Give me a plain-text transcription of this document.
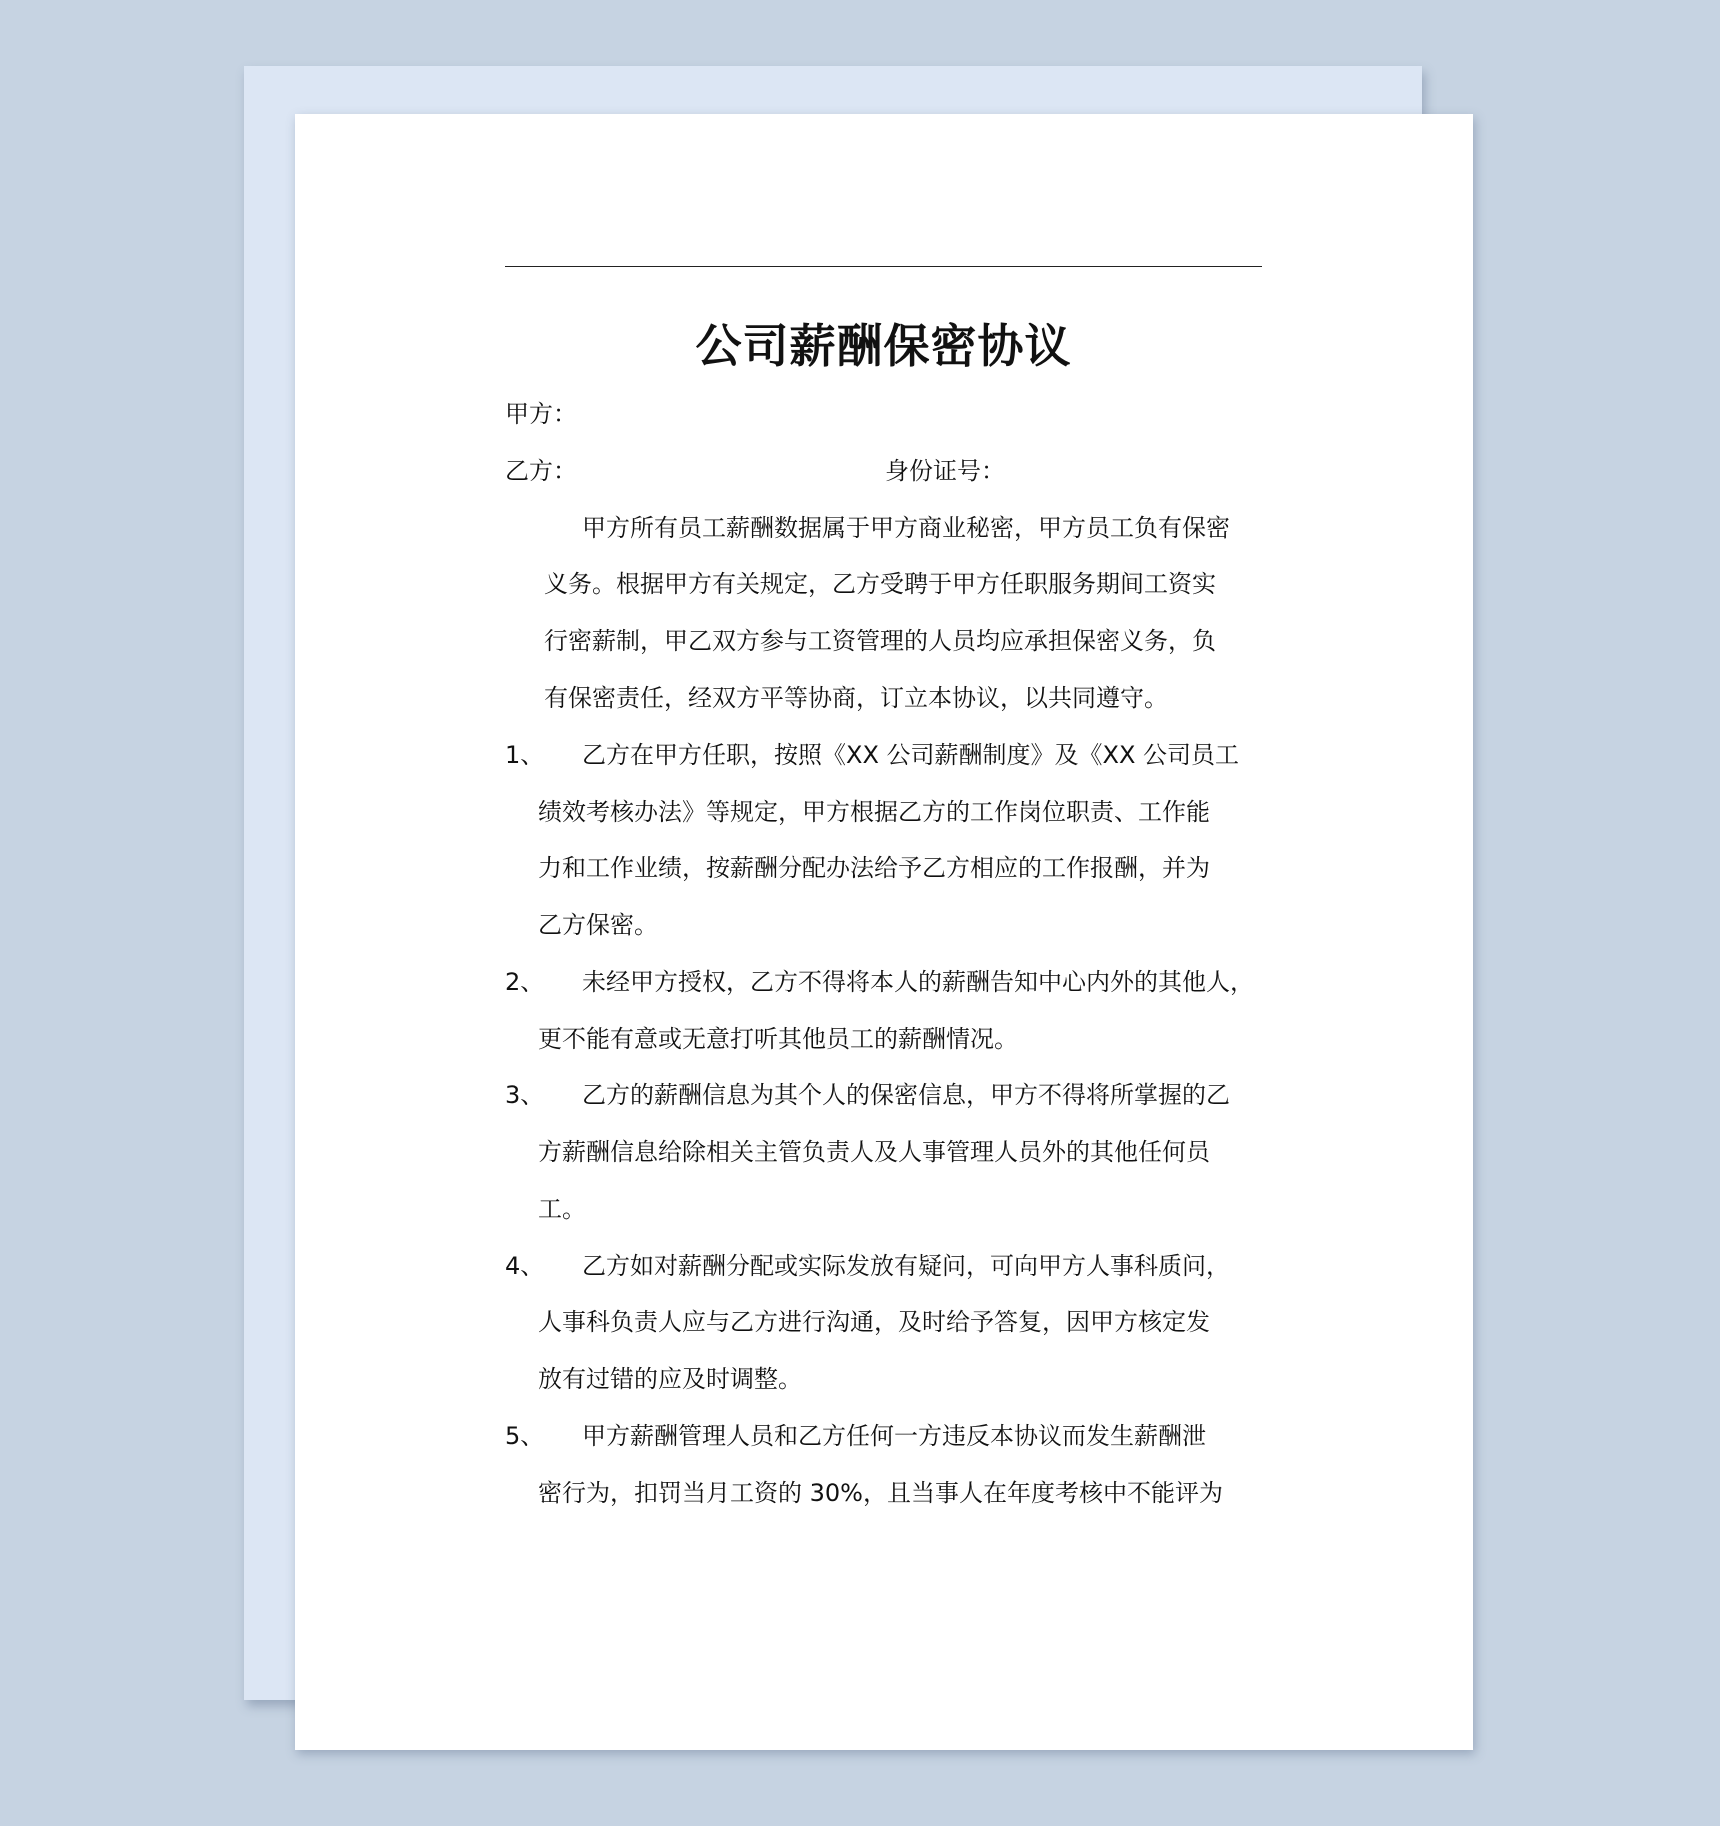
公司薪酬保密协议
甲方：
乙方：	身份证号：
甲方所有员工薪酬数据属于甲方商业秘密，甲方员工负有保密
义务。根据甲方有关规定，乙方受聘于甲方任职服务期间工资实
行密薪制，甲乙双方参与工资管理的人员均应承担保密义务，负
有保密责任，经双方平等协商，订立本协议，以共同遵守。
1、 乙方在甲方任职，按照《XX 公司薪酬制度》及《XX 公司员工
绩效考核办法》等规定，甲方根据乙方的工作岗位职责、工作能
力和工作业绩，按薪酬分配办法给予乙方相应的工作报酬，并为
乙方保密。
2、 未经甲方授权，乙方不得将本人的薪酬告知中心内外的其他人，
更不能有意或无意打听其他员工的薪酬情况。
3、 乙方的薪酬信息为其个人的保密信息，甲方不得将所掌握的乙
方薪酬信息给除相关主管负责人及人事管理人员外的其他任何员
工。
4、 乙方如对薪酬分配或实际发放有疑问，可向甲方人事科质问，
人事科负责人应与乙方进行沟通，及时给予答复，因甲方核定发
放有过错的应及时调整。
5、 甲方薪酬管理人员和乙方任何一方违反本协议而发生薪酬泄
密行为，扣罚当月工资的 30%，且当事人在年度考核中不能评为
